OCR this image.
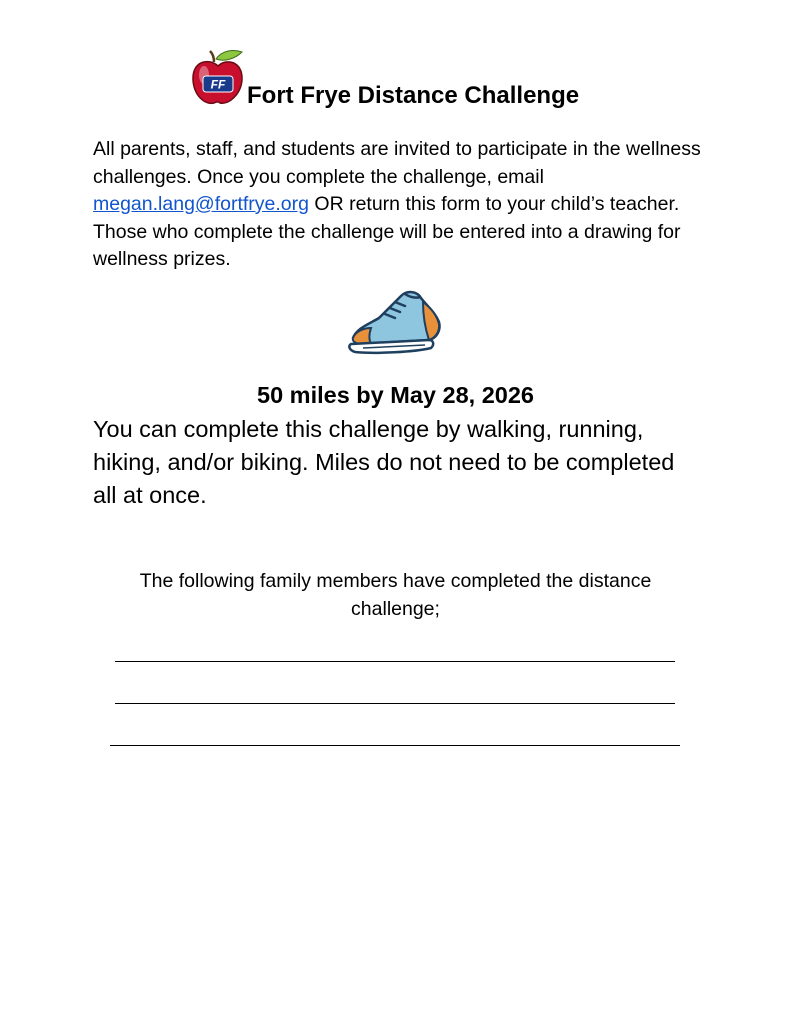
FF Fort Frye Distance Challenge

All parents, staff, and students are invited to participate in the wellness challenges. Once you complete the challenge, email megan.lang@fortfrye.org OR return this form to your child’s teacher. Those who complete the challenge will be entered into a drawing for wellness prizes.

50 miles by May 28, 2026

You can complete this challenge by walking, running, hiking, and/or biking. Miles do not need to be completed all at once.

The following family members have completed the distance challenge;
